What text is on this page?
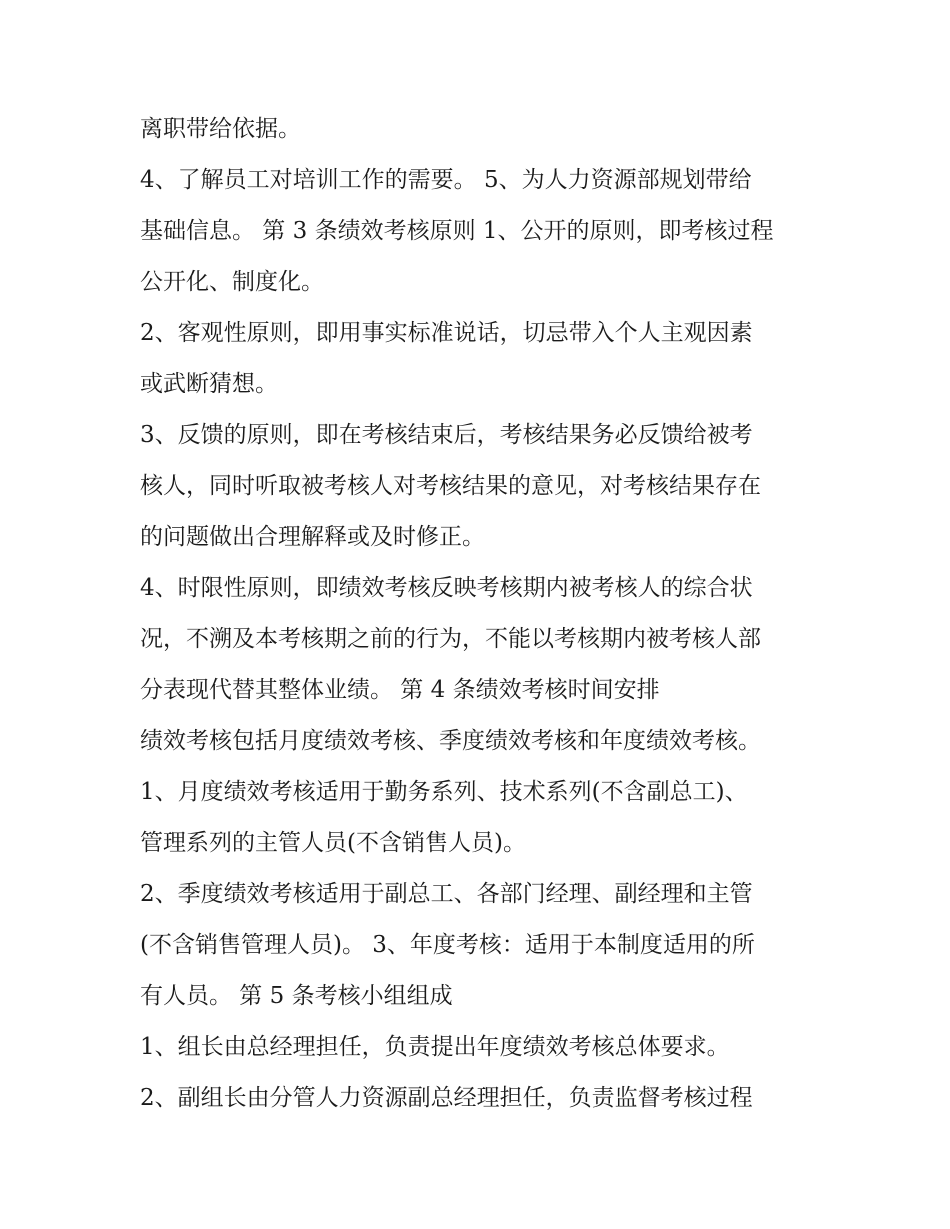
离职带给依据。
4、了解员工对培训工作的需要。 5、为人力资源部规划带给
基础信息。 第 3 条绩效考核原则 1、公开的原则，即考核过程
公开化、制度化。
2、客观性原则，即用事实标准说话，切忌带入个人主观因素
或武断猜想。
3、反馈的原则，即在考核结束后，考核结果务必反馈给被考
核人，同时听取被考核人对考核结果的意见，对考核结果存在
的问题做出合理解释或及时修正。
4、时限性原则，即绩效考核反映考核期内被考核人的综合状
况，不溯及本考核期之前的行为，不能以考核期内被考核人部
分表现代替其整体业绩。 第 4 条绩效考核时间安排
绩效考核包括月度绩效考核、季度绩效考核和年度绩效考核。
1、月度绩效考核适用于勤务系列、技术系列(不含副总工)、
管理系列的主管人员(不含销售人员)。
2、季度绩效考核适用于副总工、各部门经理、副经理和主管
(不含销售管理人员)。 3、年度考核：适用于本制度适用的所
有人员。 第 5 条考核小组组成
1、组长由总经理担任，负责提出年度绩效考核总体要求。
2、副组长由分管人力资源副总经理担任，负责监督考核过程
